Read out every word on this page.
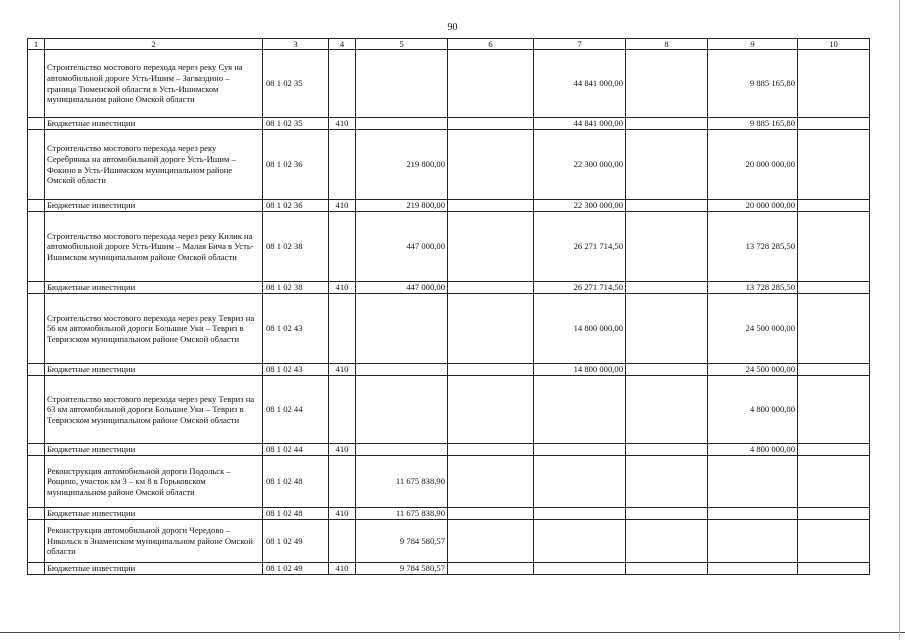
90
1	2	3	4	5	6	7	8	9	10
	Строительство мостового перехода через реку Суя на автомобильной дороге Усть-Ишим – Загваздино – граница Тюменской области в Усть-Ишимском муниципальном районе Омской области	08 1 02 35				44 841 000,00		9 885 165,80	
	Бюджетные инвестиции	08 1 02 35	410			44 841 000,00		9 885 165,80	
	Строительство мостового перехода через реку Серебрянка на автомобильной дороге Усть-Ишим – Фокино в Усть-Ишимском муниципальном районе Омской области	08 1 02 36		219 800,00		22 300 000,00		20 000 000,00	
	Бюджетные инвестиции	08 1 02 36	410	219 800,00		22 300 000,00		20 000 000,00	
	Строительство мостового перехода через реку Килик на автомобильной дороге Усть-Ишим – Малая Бича в Усть-Ишимском муниципальном районе Омской области	08 1 02 38		447 000,00		26 271 714,50		13 728 285,50	
	Бюджетные инвестиции	08 1 02 38	410	447 000,00		26 271 714,50		13 728 285,50	
	Строительство мостового перехода через реку Тевриз на 56 км автомобильной дороги Большие Уки – Тевриз в Тевризском муниципальном районе Омской области	08 1 02 43				14 800 000,00		24 500 000,00	
	Бюджетные инвестиции	08 1 02 43	410			14 800 000,00		24 500 000,00	
	Строительство мостового перехода через реку Тевриз на 63 км автомобильной дороги Большие Уки – Тевриз в Тевризском муниципальном районе Омской области	08 1 02 44						4 800 000,00	
	Бюджетные инвестиции	08 1 02 44	410					4 800 000,00	
	Реконструкция автомобильной дороги Подольск – Рощино, участок км 3 – км 8 в Горьковском муниципальном районе Омской области	08 1 02 48		11 675 838,90					
	Бюджетные инвестиции	08 1 02 48	410	11 675 838,90					
	Реконструкция автомобильной дороги Чередово – Никольск в Знаменском муниципальном районе Омской области	08 1 02 49		9 784 580,57					
	Бюджетные инвестиции	08 1 02 49	410	9 784 580,57					
